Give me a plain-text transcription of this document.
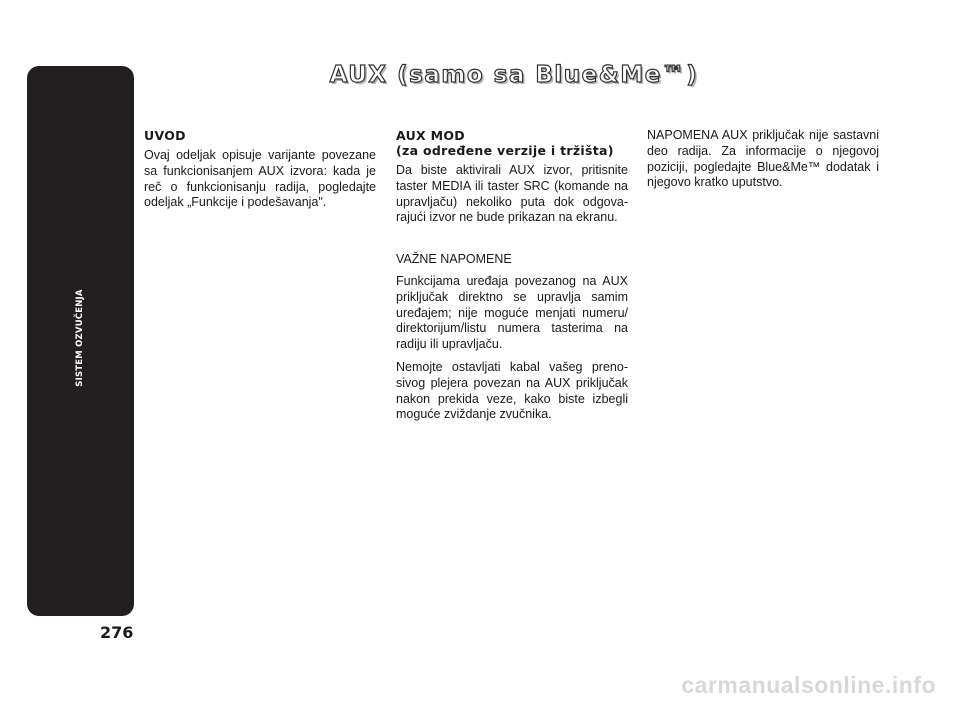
SISTEM OZVUČENJA
276
AUX (samo sa Blue&Me™)
UVOD

Ovaj odeljak opisuje varijante povezane sa funkcionisanjem AUX izvora: kada je reč o funkcionisanju radija, pogledajte odeljak „Funkcije i podešavanja".

AUX MOD
(za određene verzije i tržišta)

Da biste aktivirali AUX izvor, pritisnite taster MEDIA ili taster SRC (komande na upravljaču) nekoliko puta dok odgovarajući izvor ne bude prikazan na ekranu.

VAŽNE NAPOMENE

Funkcijama uređaja povezanog na AUX priključak direktno se upravlja samim uređajem; nije moguće menjati numeru/ direktorijum/listu numera tasterima na radiju ili upravljaču.

Nemojte ostavljati kabal vašeg prenosivog plejera povezan na AUX priključak nakon prekida veze, kako biste izbegli moguće zviždanje zvučnika.

NAPOMENA AUX priključak nije sastavni deo radija. Za informacije o njegovoj poziciji, pogledajte Blue&Me™ dodatak i njegovo kratko uputstvo.

carmanualsonline.info
